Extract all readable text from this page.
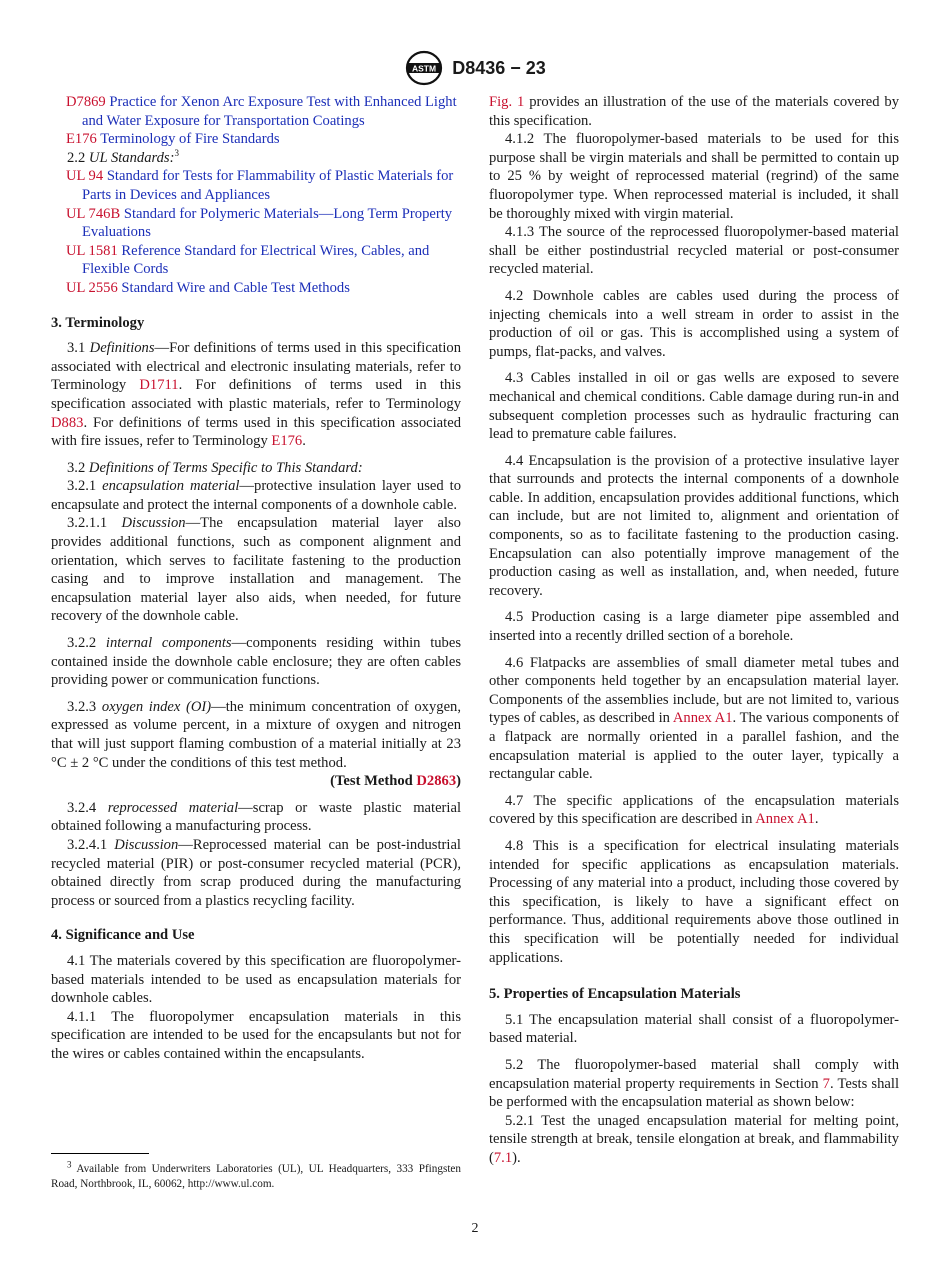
ASTM D8436 − 23
D7869 Practice for Xenon Arc Exposure Test with Enhanced Light and Water Exposure for Transportation Coatings
E176 Terminology of Fire Standards

2.2 UL Standards:$^3$

UL 94 Standard for Tests for Flammability of Plastic Materials for Parts in Devices and Appliances
UL 746B Standard for Polymeric Materials—Long Term Property Evaluations
UL 1581 Reference Standard for Electrical Wires, Cables, and Flexible Cords
UL 2556 Standard Wire and Cable Test Methods
3. Terminology

3.1 Definitions—For definitions of terms used in this specification associated with electrical and electronic insulating materials, refer to Terminology D1711. For definitions of terms used in this specification associated with plastic materials, refer to Terminology D883. For definitions of terms used in this specification associated with fire issues, refer to Terminology E176.

3.2 Definitions of Terms Specific to This Standard:

3.2.1 encapsulation material—protective insulation layer used to encapsulate and protect the internal components of a downhole cable.

3.2.1.1 Discussion—The encapsulation material layer also provides additional functions, such as component alignment and orientation, which serves to facilitate fastening to the production casing and to improve installation and management. The encapsulation material layer also aids, when needed, for future recovery of the downhole cable.

3.2.2 internal components—components residing within tubes contained inside the downhole cable enclosure; they are often cables providing power or communication functions.

3.2.3 oxygen index (OI)—the minimum concentration of oxygen, expressed as volume percent, in a mixture of oxygen and nitrogen that will just support flaming combustion of a material initially at 23 °C ± 2 °C under the conditions of this test method.
(Test Method D2863)

3.2.4 reprocessed material—scrap or waste plastic material obtained following a manufacturing process.

3.2.4.1 Discussion—Reprocessed material can be post-industrial recycled material (PIR) or post-consumer recycled material (PCR), obtained directly from scrap produced during the manufacturing process or sourced from a plastics recycling facility.

4. Significance and Use

4.1 The materials covered by this specification are fluoropolymer-based materials intended to be used as encapsulation materials for downhole cables.

4.1.1 The fluoropolymer encapsulation materials in this specification are intended to be used for the encapsulants but not for the wires or cables contained within the encapsulants.

$^3$ Available from Underwriters Laboratories (UL), UL Headquarters, 333 Pfingsten Road, Northbrook, IL, 60062, http://www.ul.com.

Fig. 1 provides an illustration of the use of the materials covered by this specification.

4.1.2 The fluoropolymer-based materials to be used for this purpose shall be virgin materials and shall be permitted to contain up to 25 % by weight of reprocessed material (regrind) of the same fluoropolymer type. When reprocessed material is included, it shall be thoroughly mixed with virgin material.

4.1.3 The source of the reprocessed fluoropolymer-based material shall be either postindustrial recycled material or post-consumer recycled material.

4.2 Downhole cables are cables used during the process of injecting chemicals into a well stream in order to assist in the production of oil or gas. This is accomplished using a system of pumps, flat-packs, and valves.

4.3 Cables installed in oil or gas wells are exposed to severe mechanical and chemical conditions. Cable damage during run-in and subsequent completion processes such as hydraulic fracturing can lead to premature cable failures.

4.4 Encapsulation is the provision of a protective insulative layer that surrounds and protects the internal components of a downhole cable. In addition, encapsulation provides additional functions, which can include, but are not limited to, alignment and orientation of components, so as to facilitate fastening to the production casing. Encapsulation can also potentially improve management of the production casing as well as installation, and, when needed, future recovery.

4.5 Production casing is a large diameter pipe assembled and inserted into a recently drilled section of a borehole.

4.6 Flatpacks are assemblies of small diameter metal tubes and other components held together by an encapsulation material layer. Components of the assemblies include, but are not limited to, various types of cables, as described in Annex A1. The various components of a flatpack are normally oriented in a parallel fashion, and the encapsulation material is applied to the outer layer, typically a rectangular cable.

4.7 The specific applications of the encapsulation materials covered by this specification are described in Annex A1.

4.8 This is a specification for electrical insulating materials intended for specific applications as encapsulation materials. Processing of any material into a product, including those covered by this specification, is likely to have a significant effect on performance. Thus, additional requirements above those outlined in this specification will be potentially needed for individual applications.

5. Properties of Encapsulation Materials

5.1 The encapsulation material shall consist of a fluoropolymer-based material.

5.2 The fluoropolymer-based material shall comply with encapsulation material property requirements in Section 7. Tests shall be performed with the encapsulation material as shown below:

5.2.1 Test the unaged encapsulation material for melting point, tensile strength at break, tensile elongation at break, and flammability (7.1).

2
